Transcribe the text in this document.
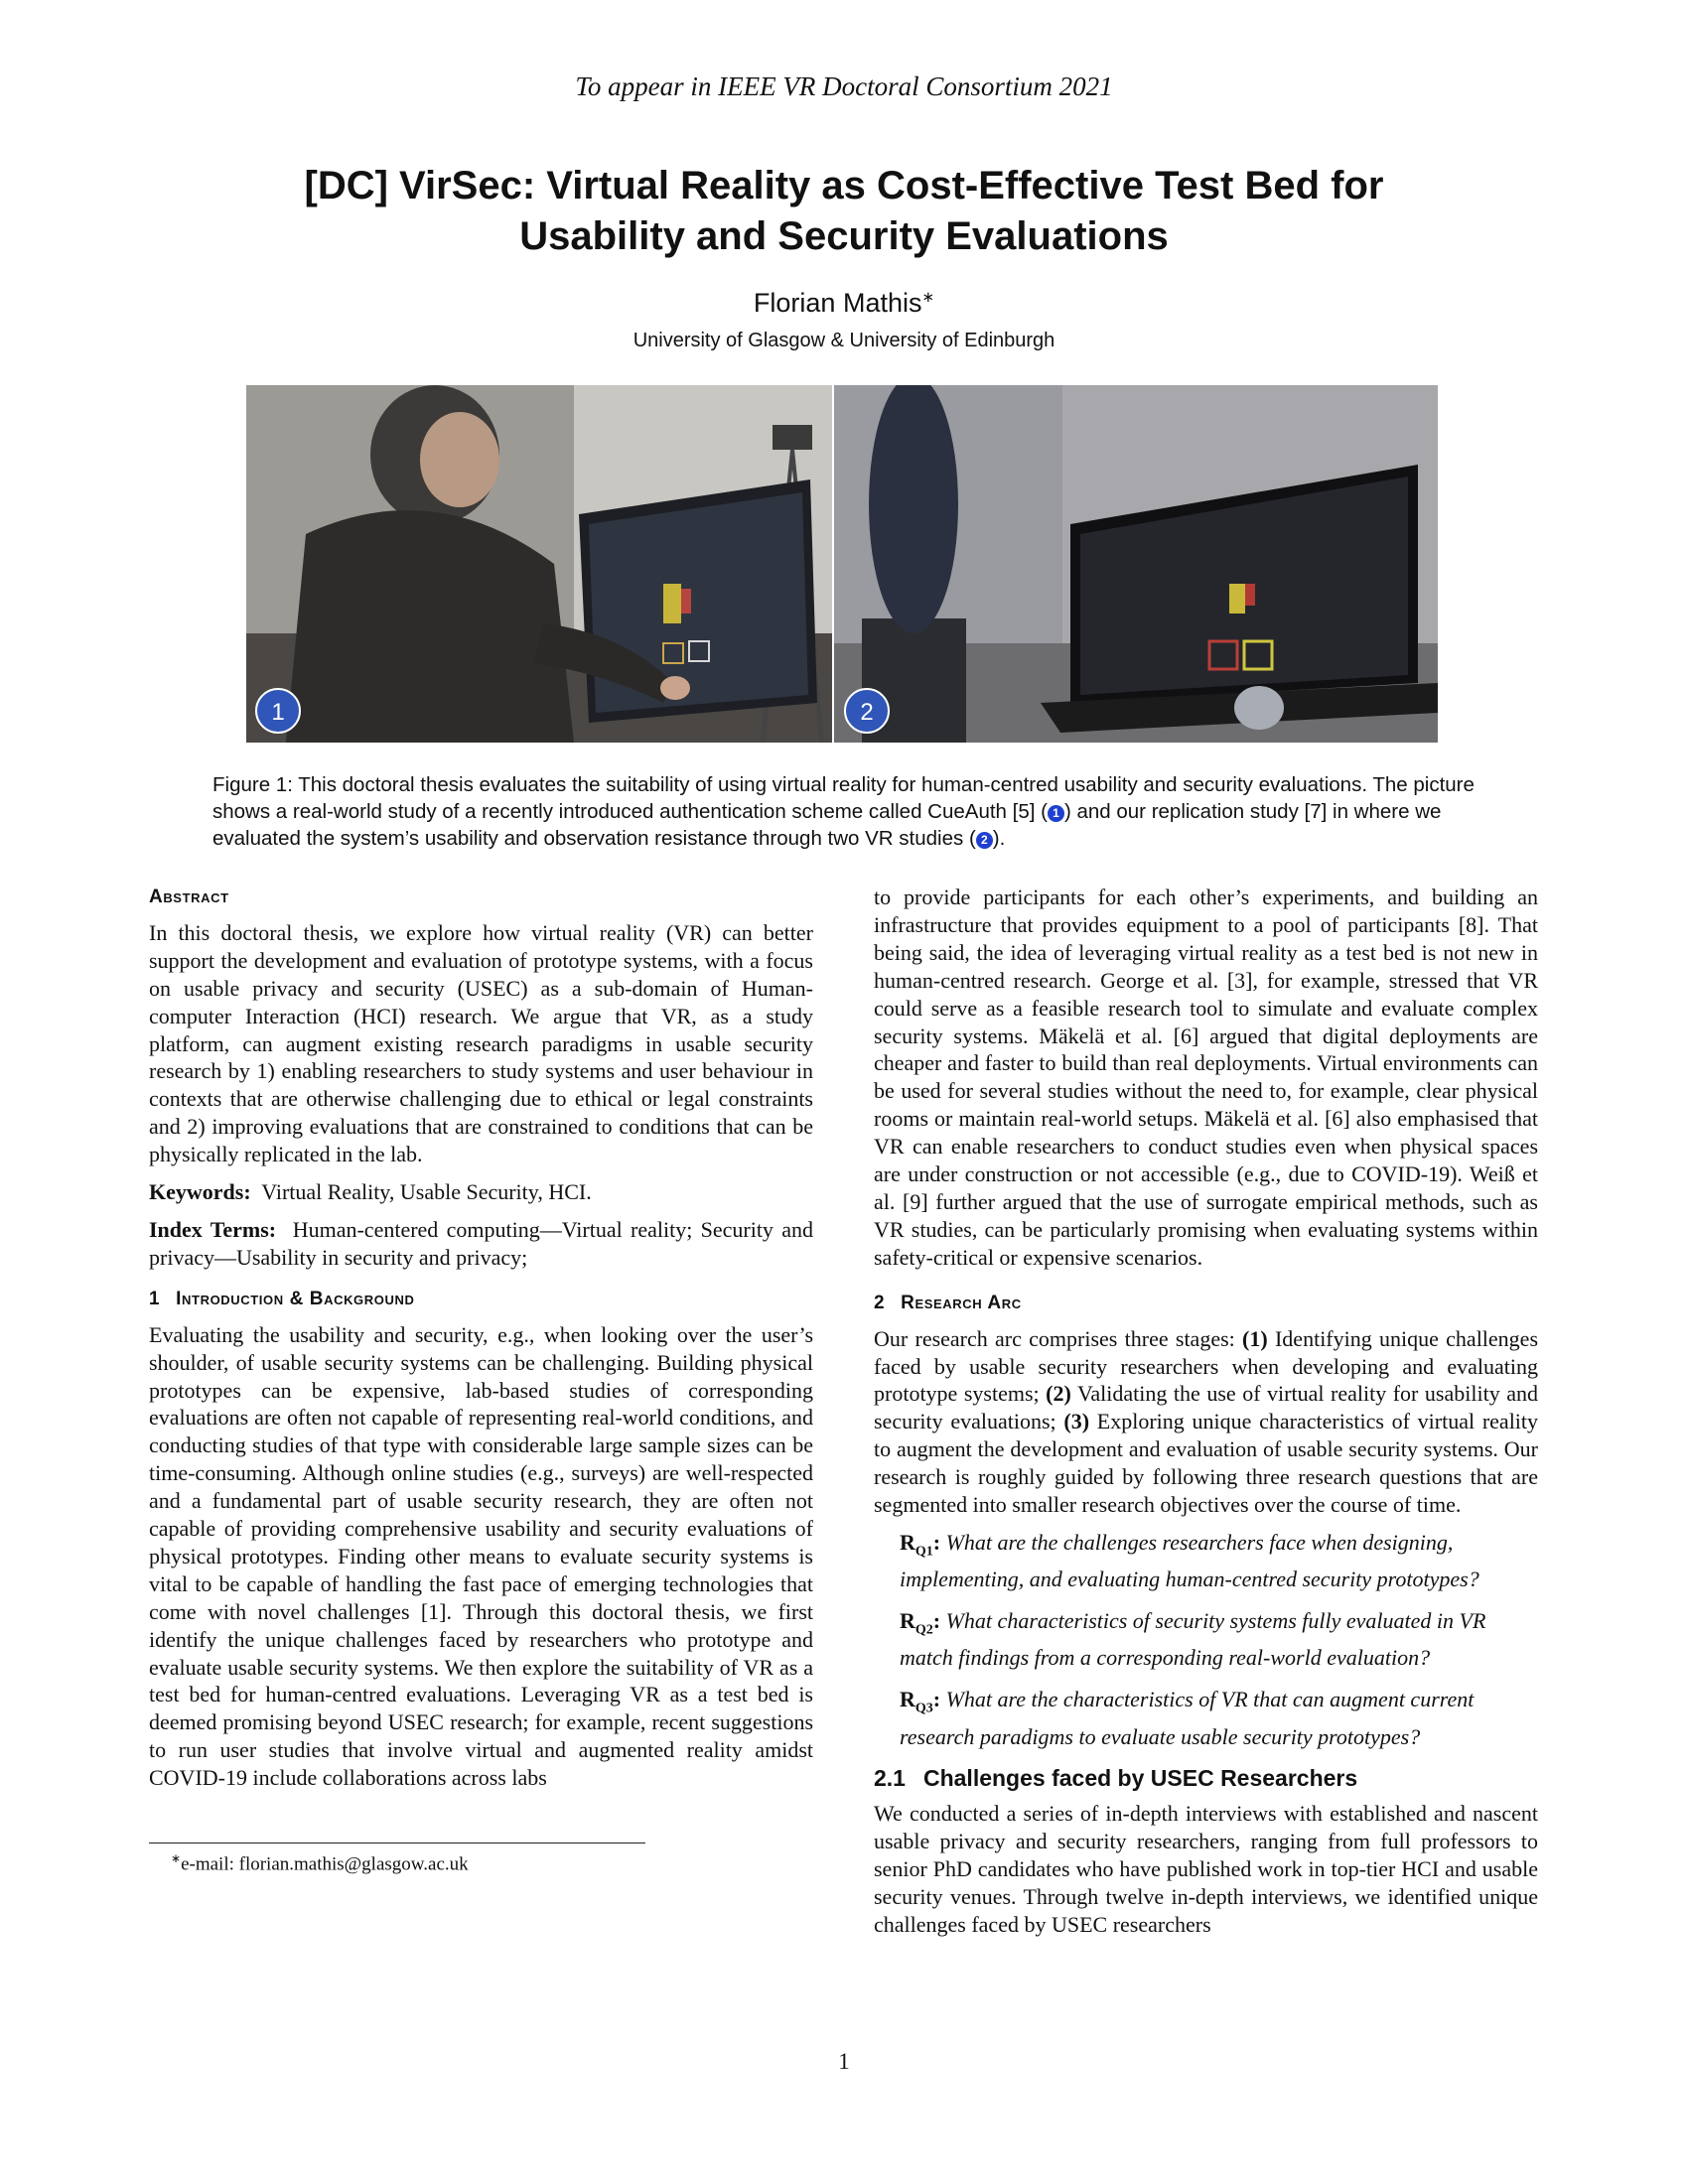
To appear in IEEE VR Doctoral Consortium 2021
[DC] VirSec: Virtual Reality as Cost-Effective Test Bed for
Usability and Security Evaluations
Florian Mathis∗
University of Glasgow & University of Edinburgh
1	2
Figure 1: This doctoral thesis evaluates the suitability of using virtual reality for human-centred usability and security evaluations. The picture shows a real-world study of a recently introduced authentication scheme called CueAuth [5] ( 1 ) and our replication study [7] in where we evaluated the system’s usability and observation resistance through two VR studies ( 2 ).
Abstract

In this doctoral thesis, we explore how virtual reality (VR) can better support the development and evaluation of prototype systems, with a focus on usable privacy and security (USEC) as a sub-domain of Human-computer Interaction (HCI) research. We argue that VR, as a study platform, can augment existing research paradigms in usable security research by 1) enabling researchers to study systems and user behaviour in contexts that are otherwise challenging due to ethical or legal constraints and 2) improving evaluations that are constrained to conditions that can be physically replicated in the lab.

Keywords: Virtual Reality, Usable Security, HCI.

Index Terms: Human-centered computing—Virtual reality; Security and privacy—Usability in security and privacy;

1 Introduction & Background

Evaluating the usability and security, e.g., when looking over the user’s shoulder, of usable security systems can be challenging. Building physical prototypes can be expensive, lab-based studies of corresponding evaluations are often not capable of representing real-world conditions, and conducting studies of that type with considerable large sample sizes can be time-consuming. Although online studies (e.g., surveys) are well-respected and a fundamental part of usable security research, they are often not capable of providing comprehensive usability and security evaluations of physical prototypes. Finding other means to evaluate security systems is vital to be capable of handling the fast pace of emerging technologies that come with novel challenges [1]. Through this doctoral thesis, we first identify the unique challenges faced by researchers who prototype and evaluate usable security systems. We then explore the suitability of VR as a test bed for human-centred evaluations. Leveraging VR as a test bed is deemed promising beyond USEC research; for example, recent suggestions to run user studies that involve virtual and augmented reality amidst COVID-19 include collaborations across labs

∗e-mail: florian.mathis@glasgow.ac.uk

to provide participants for each other’s experiments, and building an infrastructure that provides equipment to a pool of participants [8]. That being said, the idea of leveraging virtual reality as a test bed is not new in human-centred research. George et al. [3], for example, stressed that VR could serve as a feasible research tool to simulate and evaluate complex security systems. Mäkelä et al. [6] argued that digital deployments are cheaper and faster to build than real deployments. Virtual environments can be used for several studies without the need to, for example, clear physical rooms or maintain real-world setups. Mäkelä et al. [6] also emphasised that VR can enable researchers to conduct studies even when physical spaces are under construction or not accessible (e.g., due to COVID-19). Weiß et al. [9] further argued that the use of surrogate empirical methods, such as VR studies, can be particularly promising when evaluating systems within safety-critical or expensive scenarios.

2 Research Arc

Our research arc comprises three stages: (1) Identifying unique challenges faced by usable security researchers when developing and evaluating prototype systems; (2) Validating the use of virtual reality for usability and security evaluations; (3) Exploring unique characteristics of virtual reality to augment the development and evaluation of usable security systems. Our research is roughly guided by following three research questions that are segmented into smaller research objectives over the course of time.

$R_{Q1}$: What are the challenges researchers face when designing, implementing, and evaluating human-centred security prototypes?
$R_{Q2}$: What characteristics of security systems fully evaluated in VR match findings from a corresponding real-world evaluation?
$R_{Q3}$: What are the characteristics of VR that can augment current research paradigms to evaluate usable security prototypes?
2.1 Challenges faced by USEC Researchers

We conducted a series of in-depth interviews with established and nascent usable privacy and security researchers, ranging from full professors to senior PhD candidates who have published work in top-tier HCI and usable security venues. Through twelve in-depth interviews, we identified unique challenges faced by USEC researchers

1
